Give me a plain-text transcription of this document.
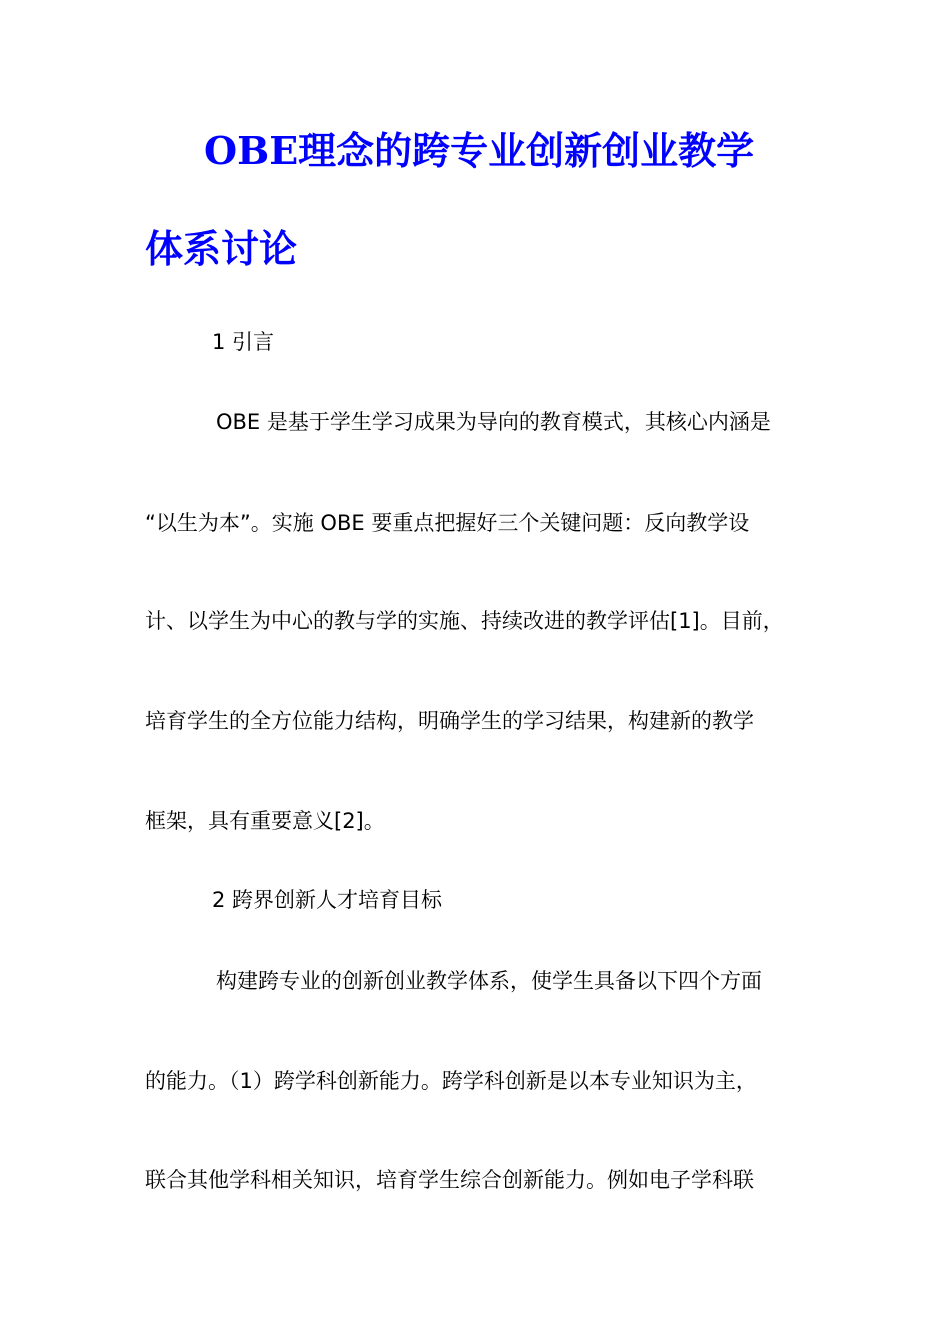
OBE理念的跨专业创新创业教学
体系讨论

1 引言

OBE 是基于学生学习成果为导向的教育模式，其核心内涵是

“以生为本”。实施 OBE 要重点把握好三个关键问题：反向教学设

计、以学生为中心的教与学的实施、持续改进的教学评估[1]。目前，

培育学生的全方位能力结构，明确学生的学习结果，构建新的教学

框架，具有重要意义[2]。

2 跨界创新人才培育目标

构建跨专业的创新创业教学体系，使学生具备以下四个方面

的能力。（1）跨学科创新能力。跨学科创新是以本专业知识为主，

联合其他学科相关知识，培育学生综合创新能力。例如电子学科联
